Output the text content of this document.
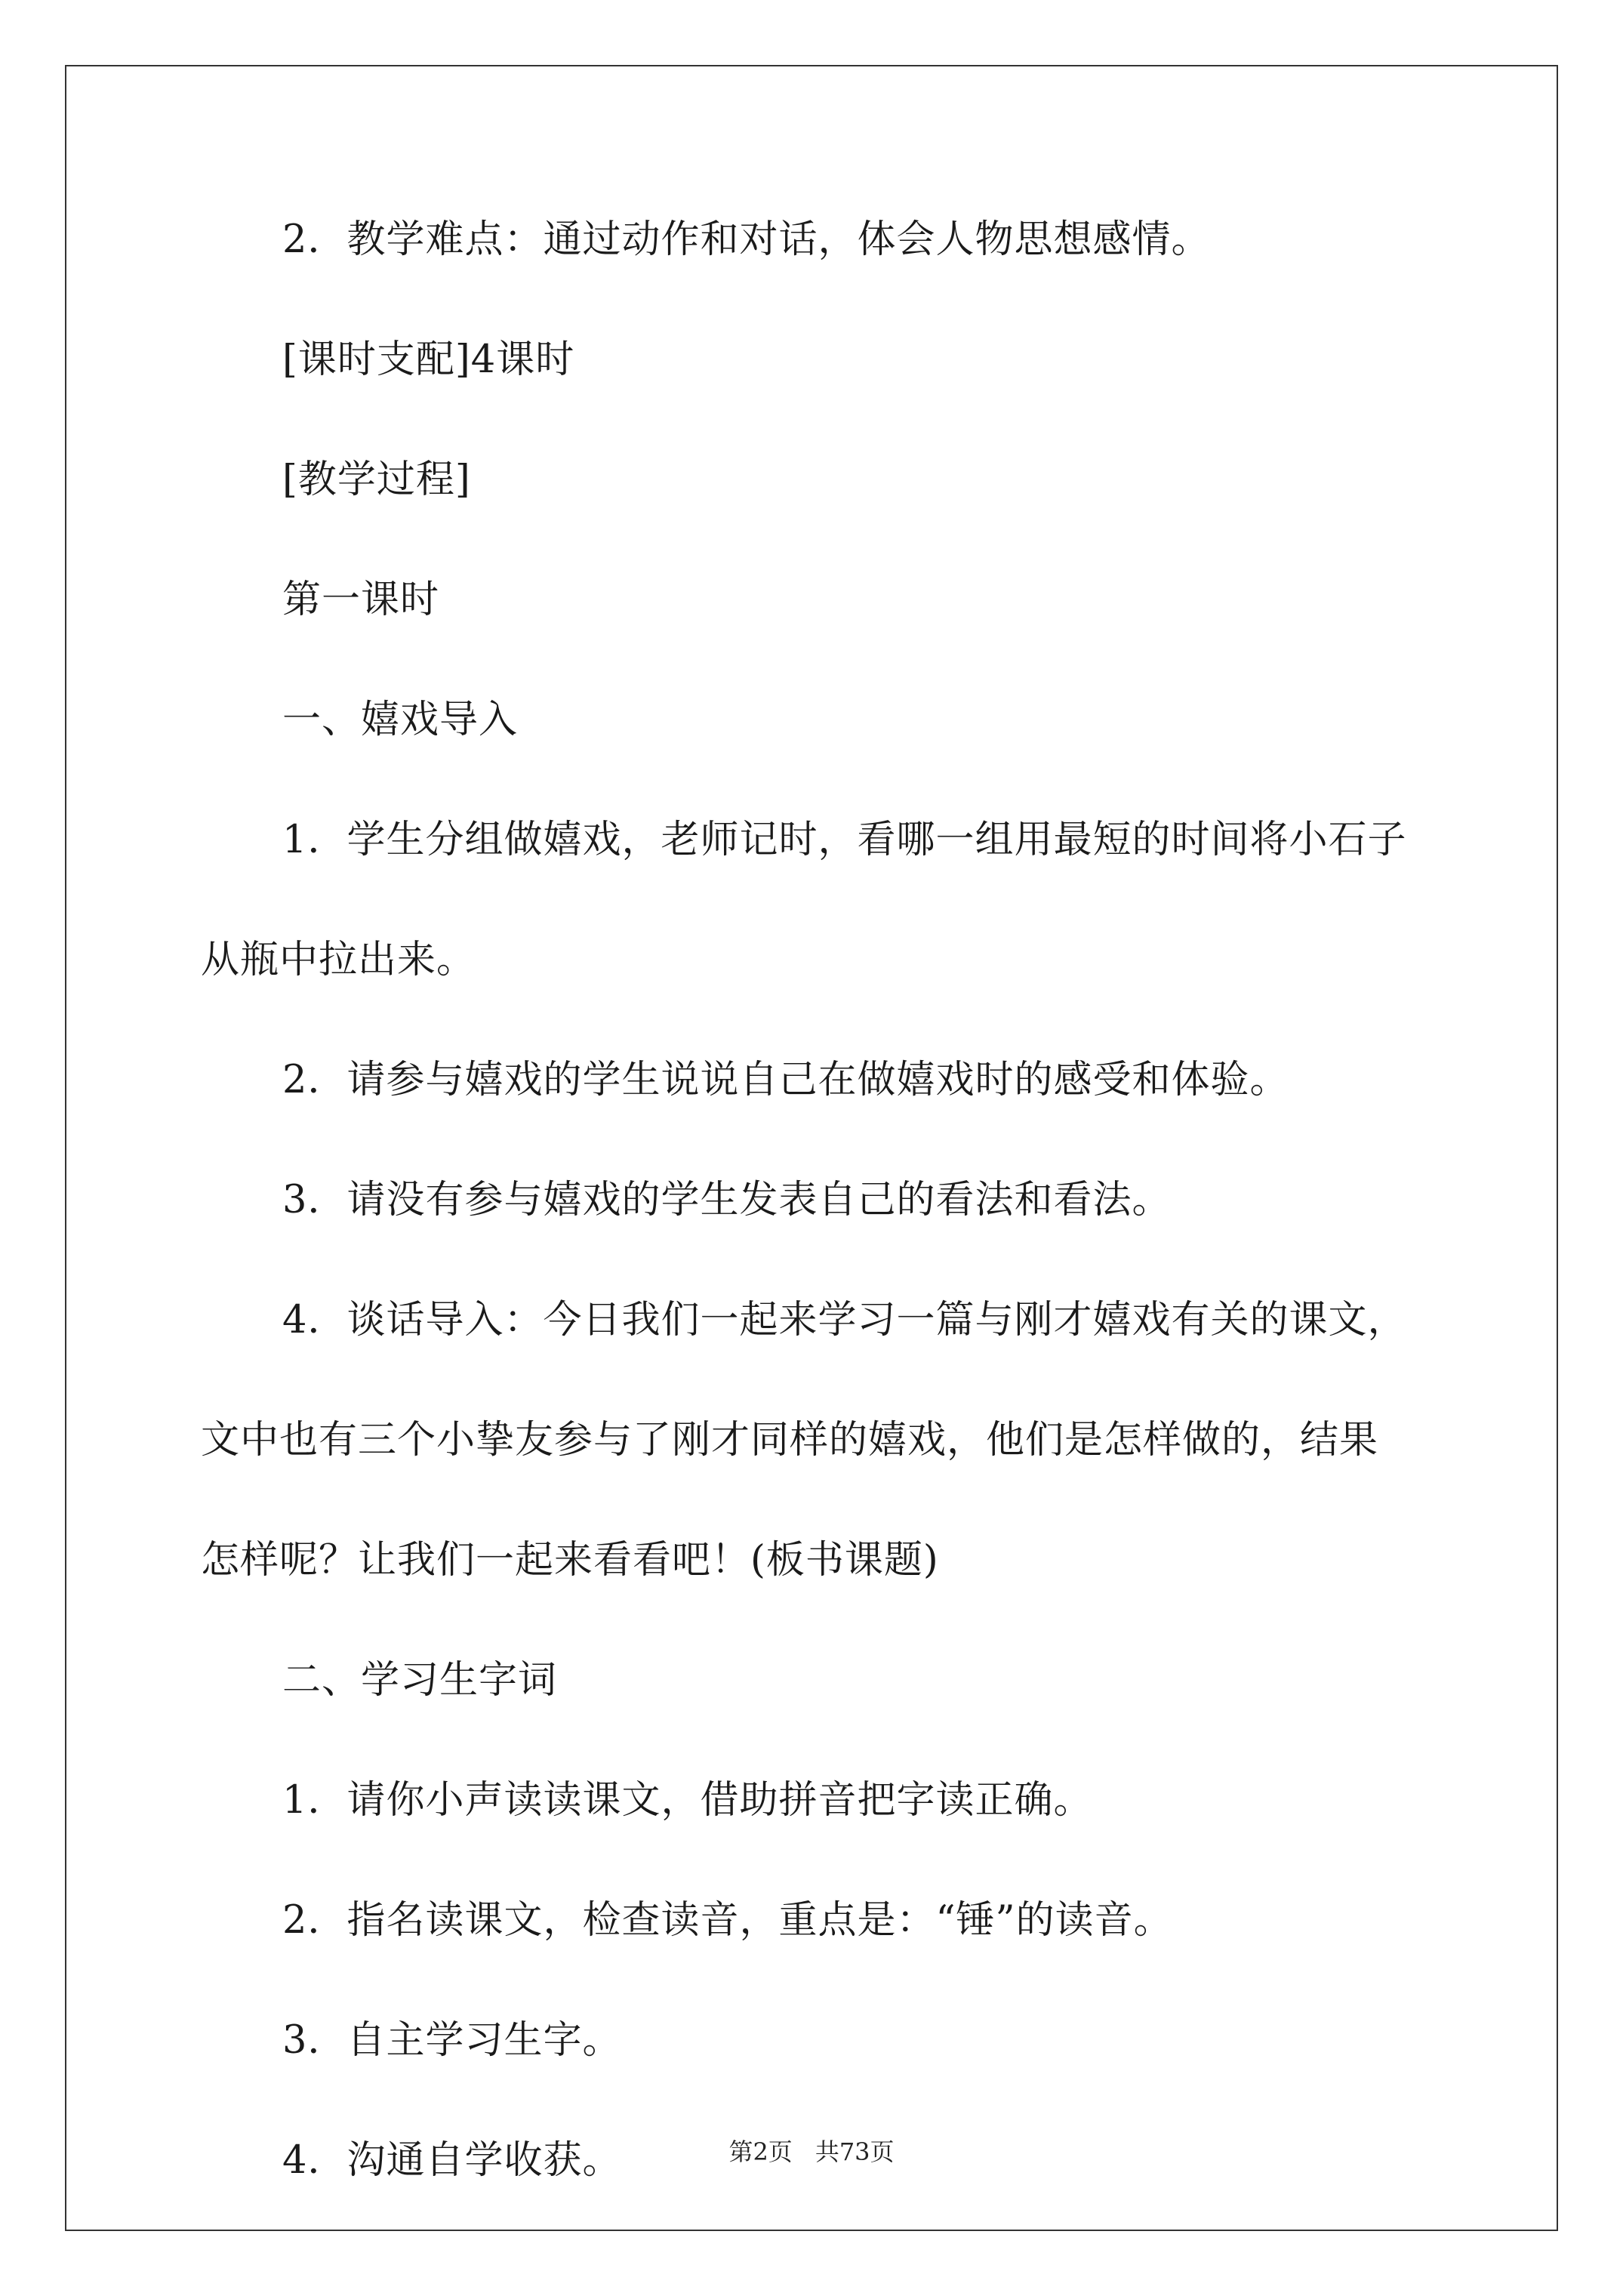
2．教学难点：通过动作和对话，体会人物思想感情。
[课时支配]4课时
[教学过程]
第一课时
一、嬉戏导入
1．学生分组做嬉戏，老师记时，看哪一组用最短的时间将小石子
从瓶中拉出来。
2．请参与嬉戏的学生说说自己在做嬉戏时的感受和体验。
3．请没有参与嬉戏的学生发表自己的看法和看法。
4．谈话导入：今日我们一起来学习一篇与刚才嬉戏有关的课文，
文中也有三个小挚友参与了刚才同样的嬉戏，他们是怎样做的，结果
怎样呢？让我们一起来看看吧！(板书课题)
二、学习生字词
1．请你小声读读课文，借助拼音把字读正确。
2．指名读课文，检查读音，重点是：“锤”的读音。
3．自主学习生字。
4．沟通自学收获。	第2页 共73页
